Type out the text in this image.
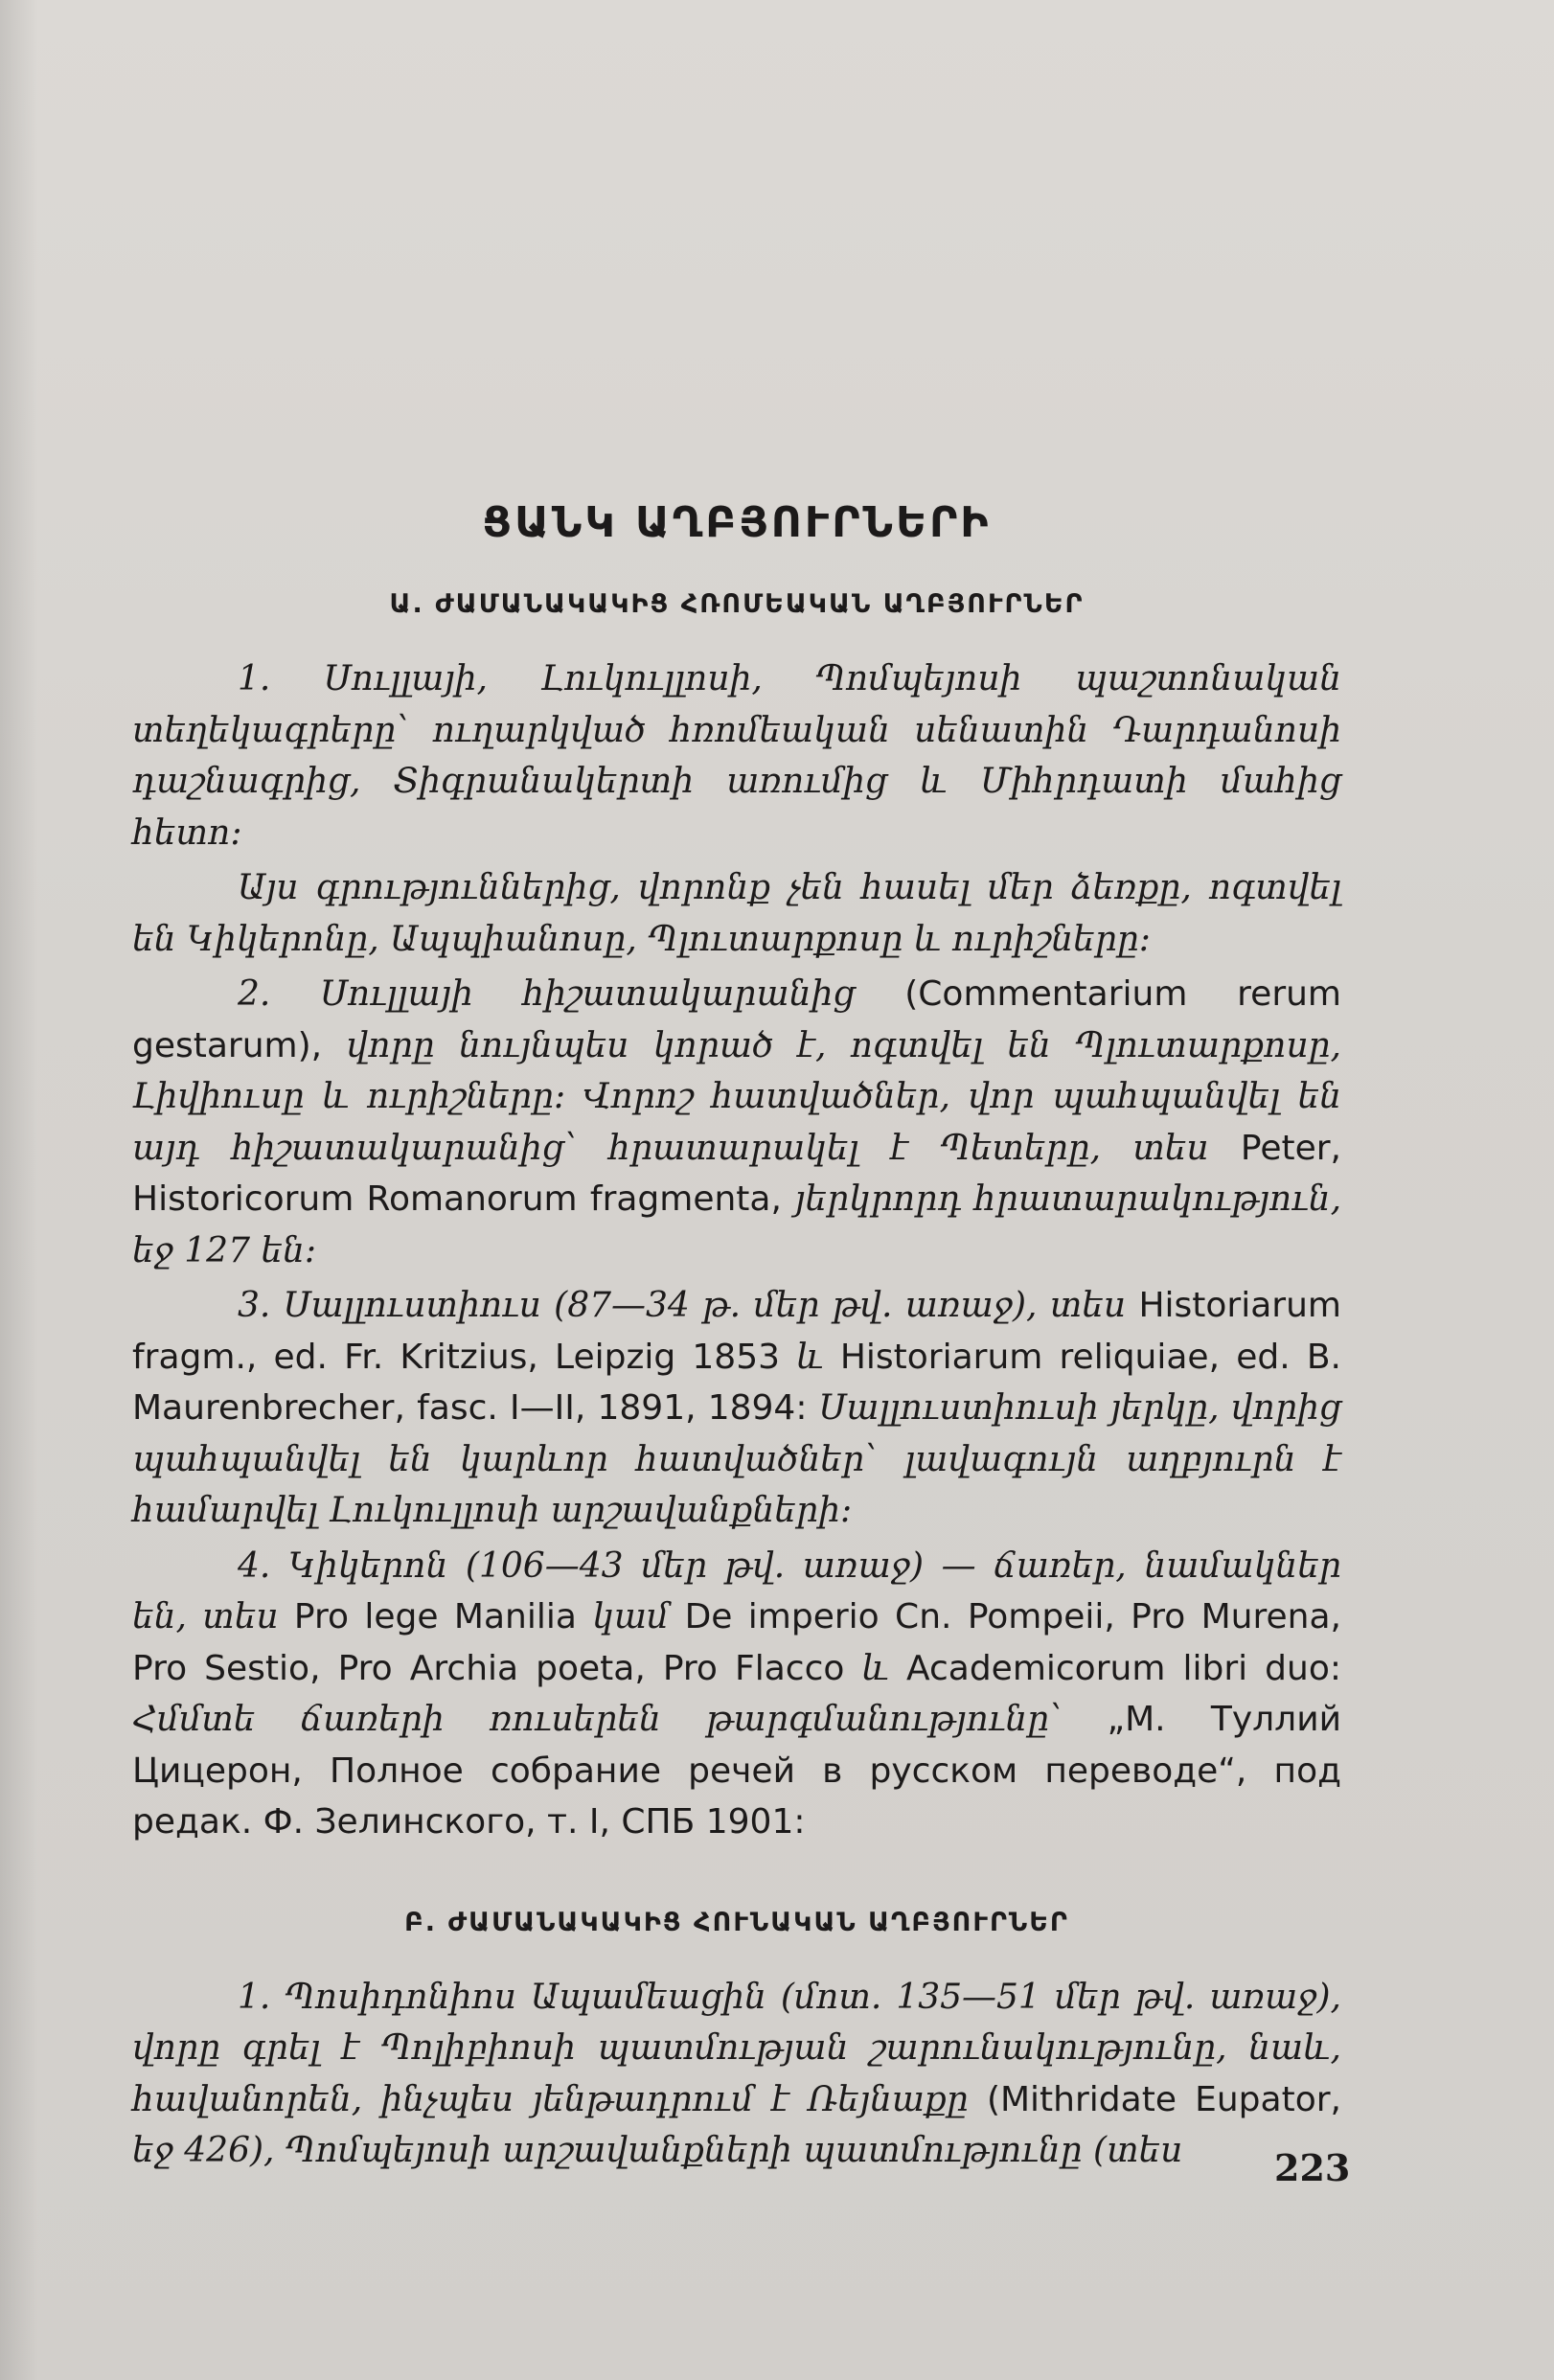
ՑԱՆԿ ԱՂԲՅՈՒՐՆԵՐԻ
Ա. ԺԱՄԱՆԱԿԱԿԻՑ ՀՌՈՄԵԱԿԱՆ ԱՂԲՅՈՒՐՆԵՐ

1. Սուլլայի, Լուկուլլոսի, Պոմպեյոսի պաշտոնական տեղեկագրերը՝ ուղարկված հռոմեական սենատին Դարդանոսի դաշնագրից, Տիգրանակերտի առումից և Միհրդատի մահից հետո:

Այս գրություններից, վորոնք չեն հասել մեր ձեռքը, ոգտվել են Կիկերոնը, Ապպիանոսը, Պլուտարքոսը և ուրիշները:

2. Սուլլայի հիշատակարանից (Commentarium rerum gestarum), վորը նույնպես կորած է, ոգտվել են Պլուտարքոսը, Լիվիուսը և ուրիշները: Վորոշ հատվածներ, վոր պահպանվել են այդ հիշատակարանից՝ հրատարակել է Պետերը, տես Peter, Historicorum Romanorum fragmenta, յերկրորդ հրատարակություն, եջ 127 են:

3. Սալլուստիուս (87—34 թ. մեր թվ. առաջ), տես Historiarum fragm., ed. Fr. Kritzius, Leipzig 1853 և Historiarum reliquiae, ed. B. Maurenbrecher, fasc. I—II, 1891, 1894: Սալլուստիուսի յերկը, վորից պահպանվել են կարևոր հատվածներ՝ լավագույն աղբյուրն է համարվել Լուկուլլոսի արշավանքների:

4. Կիկերոն (106—43 մեր թվ. առաջ) — ճառեր, նամակներ են, տես Pro lege Manilia կամ De imperio Cn. Pompeii, Pro Murena, Pro Sestio, Pro Archia poeta, Pro Flacco և Academicorum libri duo: Հմմտե ճառերի ռուսերեն թարգմանությունը՝ „М. Туллий Цицерон, Полное собрание речей в русском переводе“, под редак. Ф. Зелинского, т. I, СПБ 1901:

Բ. ԺԱՄԱՆԱԿԱԿԻՑ ՀՈՒՆԱԿԱՆ ԱՂԲՅՈՒՐՆԵՐ

1. Պոսիդոնիոս Ապամեացին (մոտ. 135—51 մեր թվ. առաջ), վորը գրել է Պոլիբիոսի պատմության շարունակությունը, նաև, հավանորեն, ինչպես յենթադրում է Ռեյնաքը (Mithridate Eupator, եջ 426), Պոմպեյոսի արշավանքների պատմությունը (տես	223
